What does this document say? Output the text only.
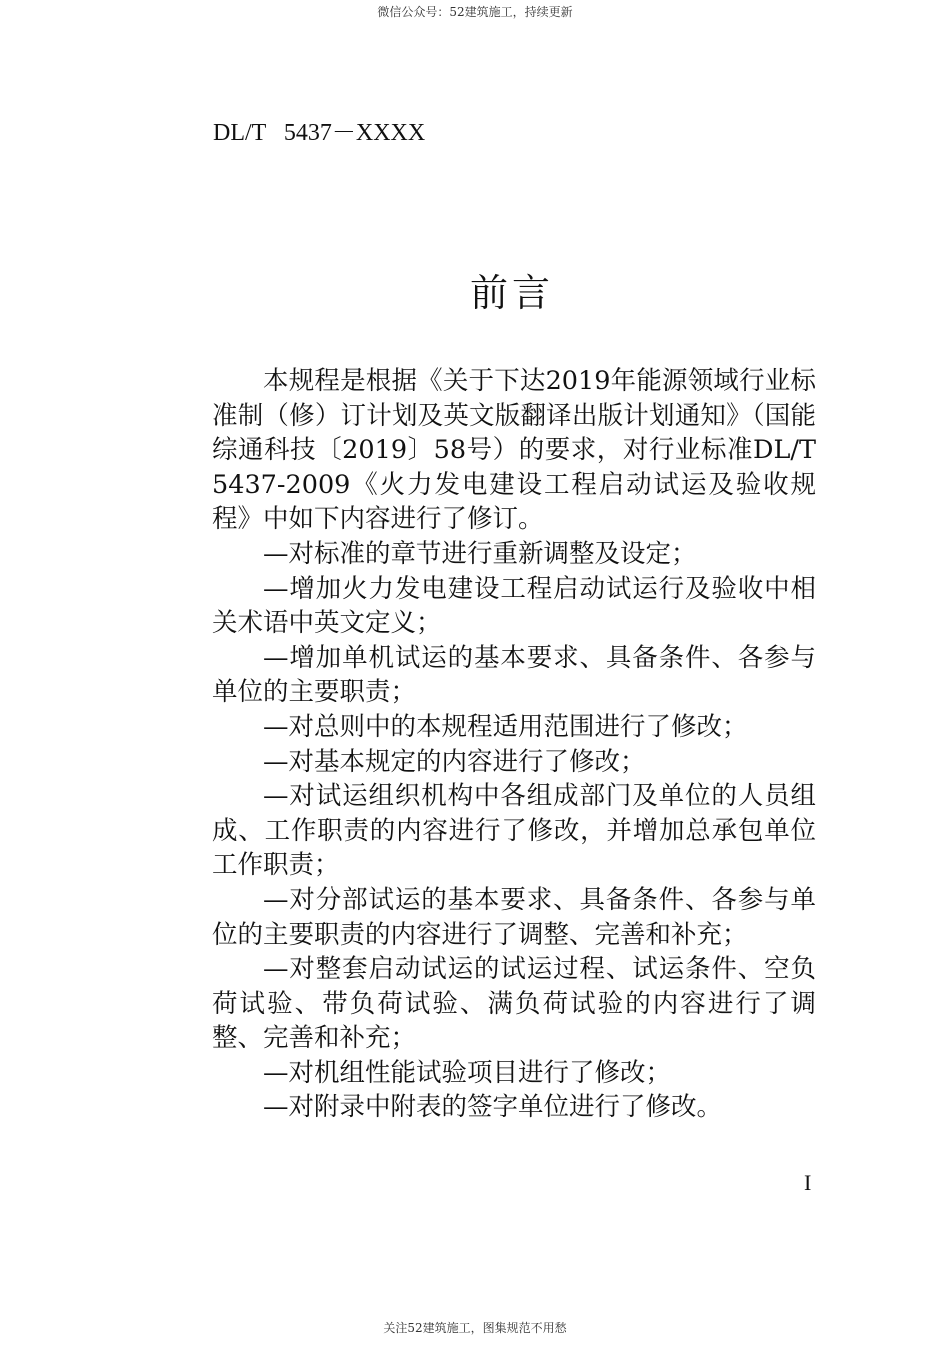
微信公众号：52建筑施工，持续更新
DL/T   5437－XXXX
前言

本规程是根据《关于下达2019年能源领域行业标准制（修）订计划及英文版翻译出版计划通知》（国能综通科技〔2019〕58号）的要求，对行业标准DL/T 5437-2009《火力发电建设工程启动试运及验收规程》中如下内容进行了修订。

—对标准的章节进行重新调整及设定；

—增加火力发电建设工程启动试运行及验收中相关术语中英文定义；

—增加单机试运的基本要求、具备条件、各参与单位的主要职责；

—对总则中的本规程适用范围进行了修改；

—对基本规定的内容进行了修改；

—对试运组织机构中各组成部门及单位的人员组成、工作职责的内容进行了修改，并增加总承包单位工作职责；

—对分部试运的基本要求、具备条件、各参与单位的主要职责的内容进行了调整、完善和补充；

—对整套启动试运的试运过程、试运条件、空负荷试验、带负荷试验、满负荷试验的内容进行了调整、完善和补充；

—对机组性能试验项目进行了修改；

—对附录中附表的签字单位进行了修改。

I
关注52建筑施工，图集规范不用愁
